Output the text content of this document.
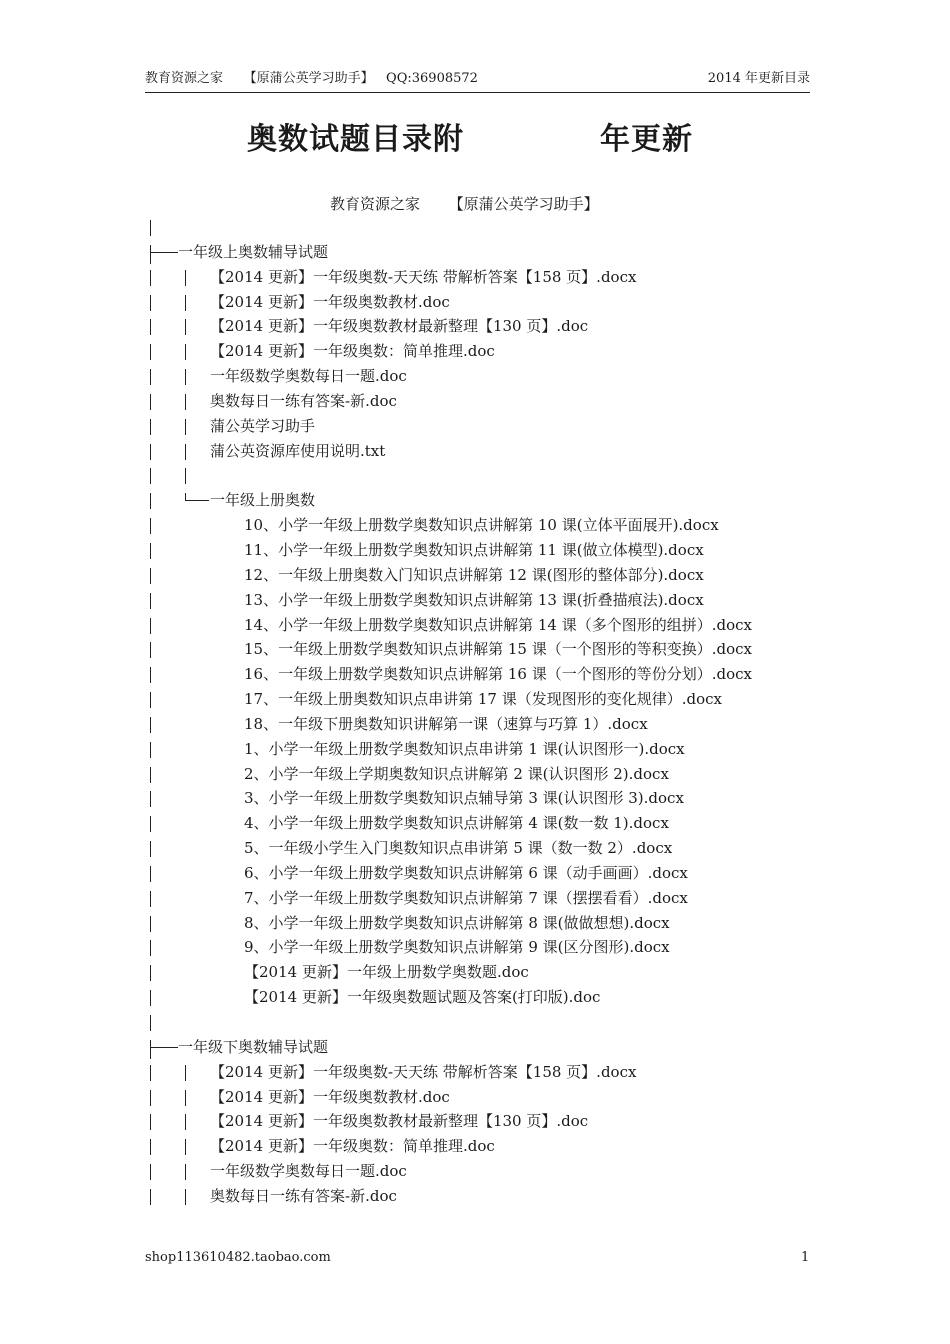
教育资源之家     【原蒲公英学习助手】   QQ:36908572	2014 年更新目录
奥数试题目录附	年更新
教育资源之家      【原蒲公英学习助手】
一年级上奥数辅导试题
【2014 更新】一年级奥数-天天练 带解析答案【158 页】.docx
【2014 更新】一年级奥数教材.doc
【2014 更新】一年级奥数教材最新整理【130 页】.doc
【2014 更新】一年级奥数：简单推理.doc
一年级数学奥数每日一题.doc
奥数每日一练有答案-新.doc
蒲公英学习助手
蒲公英资源库使用说明.txt
一年级上册奥数
10、小学一年级上册数学奥数知识点讲解第 10 课(立体平面展开).docx
11、小学一年级上册数学奥数知识点讲解第 11 课(做立体模型).docx
12、一年级上册奥数入门知识点讲解第 12 课(图形的整体部分).docx
13、小学一年级上册数学奥数知识点讲解第 13 课(折叠描痕法).docx
14、小学一年级上册数学奥数知识点讲解第 14 课（多个图形的组拼）.docx
15、一年级上册数学奥数知识点讲解第 15 课（一个图形的等积变换）.docx
16、一年级上册数学奥数知识点讲解第 16 课（一个图形的等份分划）.docx
17、一年级上册奥数知识点串讲第 17 课（发现图形的变化规律）.docx
18、一年级下册奥数知识讲解第一课（速算与巧算 1）.docx
1、小学一年级上册数学奥数知识点串讲第 1 课(认识图形一).docx
2、小学一年级上学期奥数知识点讲解第 2 课(认识图形 2).docx
3、小学一年级上册数学奥数知识点辅导第 3 课(认识图形 3).docx
4、小学一年级上册数学奥数知识点讲解第 4 课(数一数 1).docx
5、一年级小学生入门奥数知识点串讲第 5 课（数一数 2）.docx
6、小学一年级上册数学奥数知识点讲解第 6 课（动手画画）.docx
7、小学一年级上册数学奥数知识点讲解第 7 课（摆摆看看）.docx
8、小学一年级上册数学奥数知识点讲解第 8 课(做做想想).docx
9、小学一年级上册数学奥数知识点讲解第 9 课(区分图形).docx
【2014 更新】一年级上册数学奥数题.doc
【2014 更新】一年级奥数题试题及答案(打印版).doc
一年级下奥数辅导试题
【2014 更新】一年级奥数-天天练 带解析答案【158 页】.docx
【2014 更新】一年级奥数教材.doc
【2014 更新】一年级奥数教材最新整理【130 页】.doc
【2014 更新】一年级奥数：简单推理.doc
一年级数学奥数每日一题.doc
奥数每日一练有答案-新.doc
shop113610482.taobao.com	1
